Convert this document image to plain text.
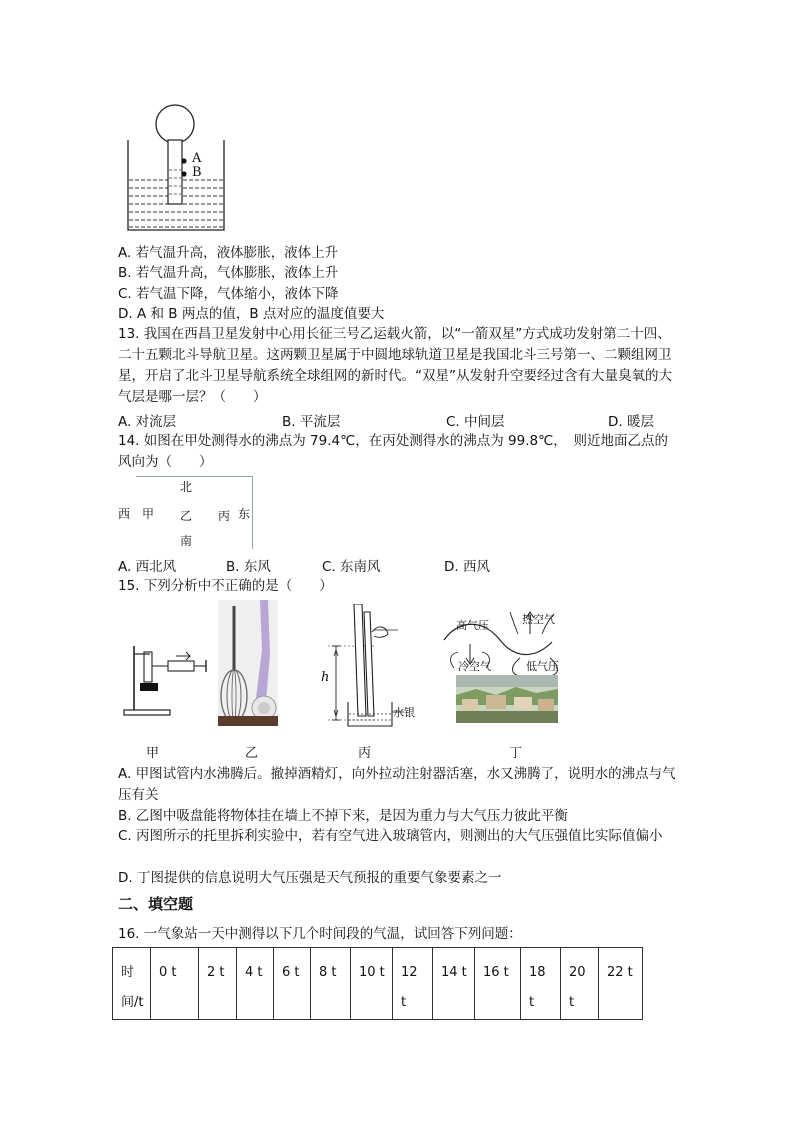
A
B
A. 若气温升高，液体膨胀，液体上升
B. 若气温升高，气体膨胀，液体上升
C. 若气温下降，气体缩小，液体下降
D. A 和 B 两点的值，B 点对应的温度值要大
13. 我国在西昌卫星发射中心用长征三号乙运载火箭，以“一箭双星”方式成功发射第二十四、二十五颗北斗导航卫星。这两颗卫星属于中圆地球轨道卫星是我国北斗三号第一、二颗组网卫星，开启了北斗卫星导航系统全球组网的新时代。“双星”从发射升空要经过含有大量臭氧的大气层是哪一层？（　　）
A. 对流层	B. 平流层	C. 中间层	D. 暖层
14. 如图在甲处测得水的沸点为 79.4℃，在丙处测得水的沸点为 99.8℃，　则近地面乙点的风向为（　　）
北
西 甲 乙 丙 东
南
A. 西北风	B. 东风	C. 东南风	D. 西风
15. 下列分析中不正确的是（　　）
甲	乙
h
水银
丙
高气压	热空气
冷空气	低气压
丁
A. 甲图试管内水沸腾后。撤掉酒精灯，向外拉动注射器活塞，水又沸腾了，说明水的沸点与气压有关
B. 乙图中吸盘能将物体挂在墙上不掉下来，是因为重力与大气压力彼此平衡
C. 丙图所示的托里拆利实验中，若有空气进入玻璃管内，则测出的大气压强值比实际值偏小
D. 丁图提供的信息说明大气压强是天气预报的重要气象要素之一
二、填空题
16. 一气象站一天中测得以下几个时间段的气温，试回答下列问题：
时间/t	0 t	2 t	4 t	6 t	8 t	10 t	12 t	14 t	16 t	18 t	20 t	22 t
